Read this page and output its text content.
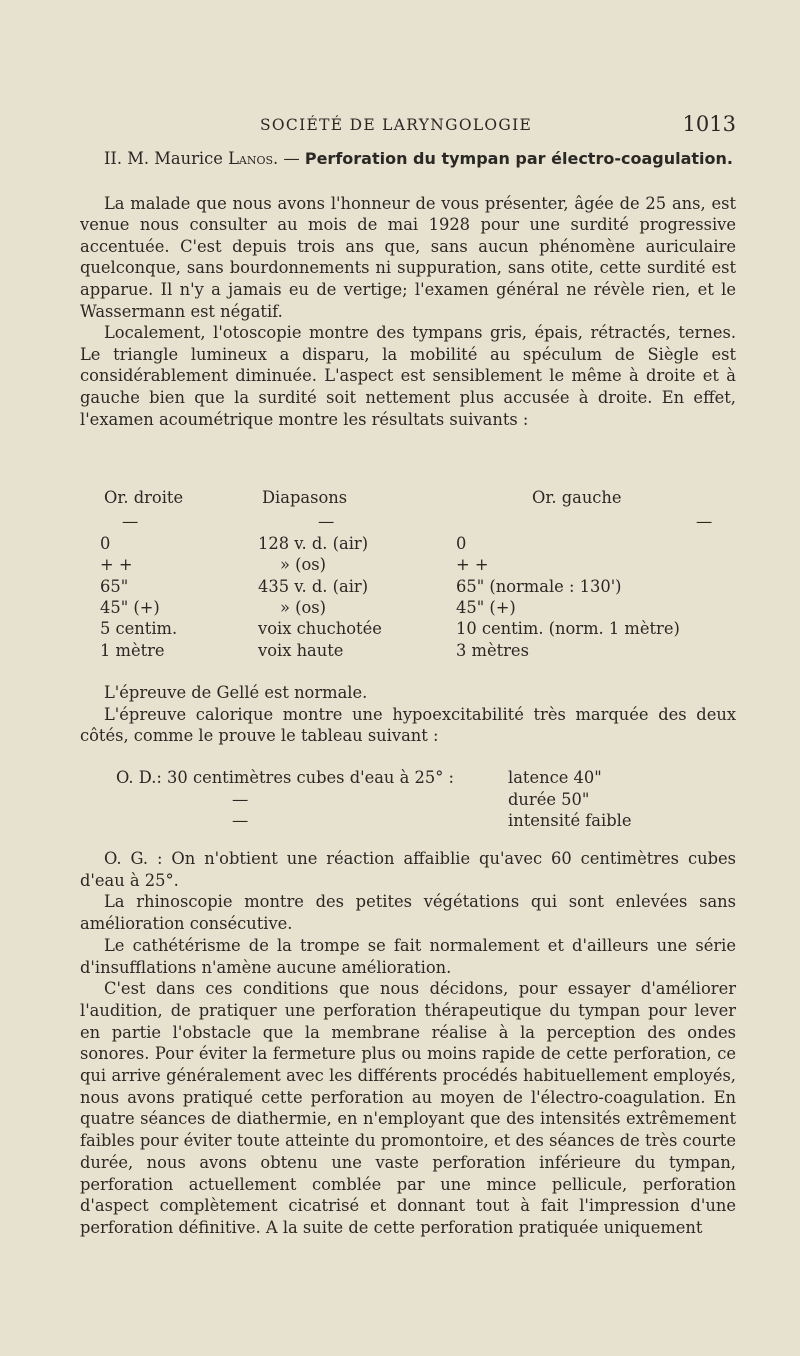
SOCIÉTÉ DE LARYNGOLOGIE	1013

II. M. Maurice Lanos. — Perforation du tympan par électro-coagulation.

La malade que nous avons l'honneur de vous présenter, âgée de 25 ans, est venue nous consulter au mois de mai 1928 pour une surdité progressive accentuée. C'est depuis trois ans que, sans aucun phénomène auriculaire quelconque, sans bourdonnements ni suppuration, sans otite, cette surdité est apparue. Il n'y a jamais eu de vertige; l'examen général ne révèle rien, et le Wassermann est négatif.

Localement, l'otoscopie montre des tympans gris, épais, rétractés, ternes. Le triangle lumineux a disparu, la mobilité au spéculum de Siègle est considérablement diminuée. L'aspect est sensiblement le même à droite et à gauche bien que la surdité soit nettement plus accusée à droite. En effet, l'examen acoumétrique montre les résultats suivants :

Or. droite	Diapasons	Or. gauche
—	—	—
0	128 v. d. (air)	0
+ +	» (os)	+ +
65"	435 v. d. (air)	65" (normale : 130')
45" (+)	» (os)	45" (+)
5 centim.	voix chuchotée	10 centim. (norm. 1 mètre)
1 mètre	voix haute	3 mètres

L'épreuve de Gellé est normale.

L'épreuve calorique montre une hypoexcitabilité très marquée des deux côtés, comme le prouve le tableau suivant :

O. D.: 30 centimètres cubes d'eau à 25° :	latence 40"
—	durée 50"
—	intensité faible

O. G. : On n'obtient une réaction affaiblie qu'avec 60 centimètres cubes d'eau à 25°.

La rhinoscopie montre des petites végétations qui sont enlevées sans amélioration consécutive.

Le cathétérisme de la trompe se fait normalement et d'ailleurs une série d'insufflations n'amène aucune amélioration.

C'est dans ces conditions que nous décidons, pour essayer d'améliorer l'audition, de pratiquer une perforation thérapeutique du tympan pour lever en partie l'obstacle que la membrane réalise à la perception des ondes sonores. Pour éviter la fermeture plus ou moins rapide de cette perforation, ce qui arrive généralement avec les différents procédés habituellement employés, nous avons pratiqué cette perforation au moyen de l'électro-coagulation. En quatre séances de diathermie, en n'employant que des intensités extrêmement faibles pour éviter toute atteinte du promontoire, et des séances de très courte durée, nous avons obtenu une vaste perforation inférieure du tympan, perforation actuellement comblée par une mince pellicule, perforation d'aspect complètement cicatrisé et donnant tout à fait l'impression d'une perforation définitive. A la suite de cette perforation pratiquée uniquement
